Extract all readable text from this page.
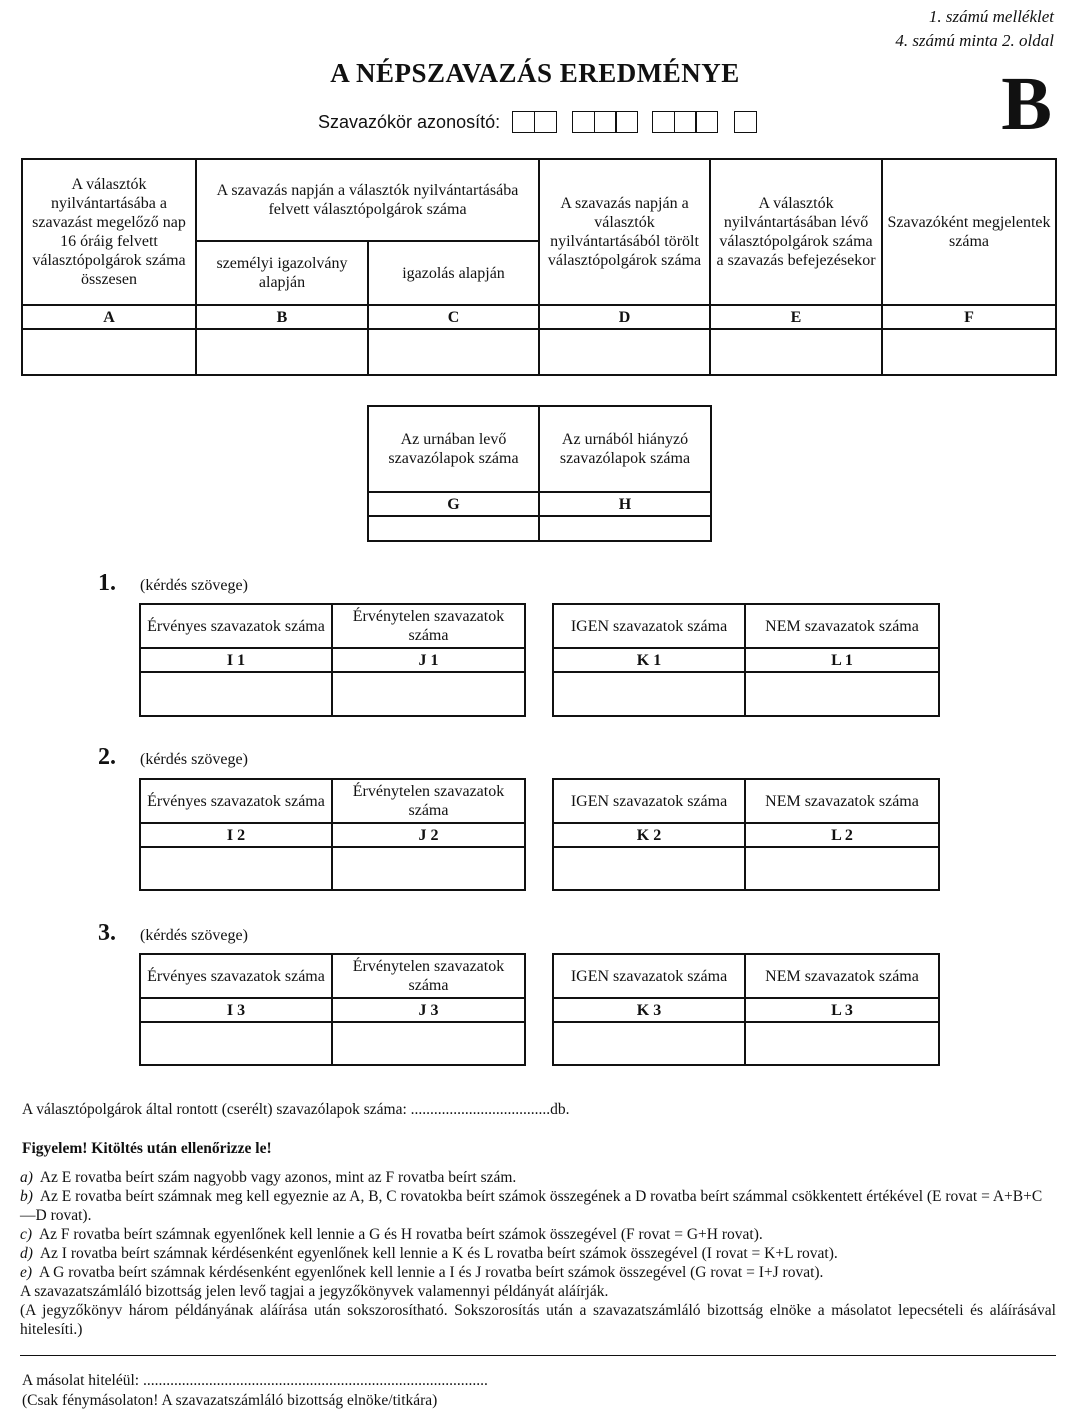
1. számú melléklet
4. számú minta 2. oldal
A NÉPSZAVAZÁS EREDMÉNYE	B
Szavazókör azonosító:
A választók nyilvántartásába a szavazást megelőző nap 16 óráig felvett választópolgárok száma összesen	A szavazás napján a választók nyilvántartásába felvett választópolgárok száma		A szavazás napján a választók nyilvántartásából törölt választópolgárok száma	A választók nyilvántartásában lévő választópolgárok száma a szavazás befejezésekor	Szavazóként megjelentek száma
	személyi igazolvány alapján	igazolás alapján			
A	B	C	D	E	F

Az urnában levő szavazólapok száma	Az urnából hiányzó szavazólapok száma
G	H

1. (kérdés szövege)
Érvényes szavazatok száma	Érvénytelen szavazatok száma
I 1	J 1

IGEN szavazatok száma	NEM szavazatok száma
K 1	L 1

2. (kérdés szövege)
Érvényes szavazatok száma	Érvénytelen szavazatok száma
I 2	J 2

IGEN szavazatok száma	NEM szavazatok száma
K 2	L 2

3. (kérdés szövege)
Érvényes szavazatok száma	Érvénytelen szavazatok száma
I 3	J 3

IGEN szavazatok száma	NEM szavazatok száma
K 3	L 3

A választópolgárok által rontott (cserélt) szavazólapok száma: ....................................db.
Figyelem! Kitöltés után ellenőrizze le!

a) Az E rovatba beírt szám nagyobb vagy azonos, mint az F rovatba beírt szám.

b) Az E rovatba beírt számnak meg kell egyeznie az A, B, C rovatokba beírt számok összegének a D rovatba beírt számmal csökkentett értékével (E rovat = A+B+C—D rovat).

c) Az F rovatba beírt számnak egyenlőnek kell lennie a G és H rovatba beírt számok összegével (F rovat = G+H rovat).

d) Az I rovatba beírt számnak kérdésenként egyenlőnek kell lennie a K és L rovatba beírt számok összegével (I rovat = K+L rovat).

e) A G rovatba beírt számnak kérdésenként egyenlőnek kell lennie a I és J rovatba beírt számok összegével (G rovat = I+J rovat).

A szavazatszámláló bizottság jelen levő tagjai a jegyzőkönyvek valamennyi példányát aláírják.

(A jegyzőkönyv három példányának aláírása után sokszorosítható. Sokszorosítás után a szavazatszámláló bizottság elnöke a másolatot lepecsételi és aláírásával hitelesíti.)

A másolat hiteléül: .........................................................................................
(Csak fénymásolaton! A szavazatszámláló bizottság elnöke/titkára)
